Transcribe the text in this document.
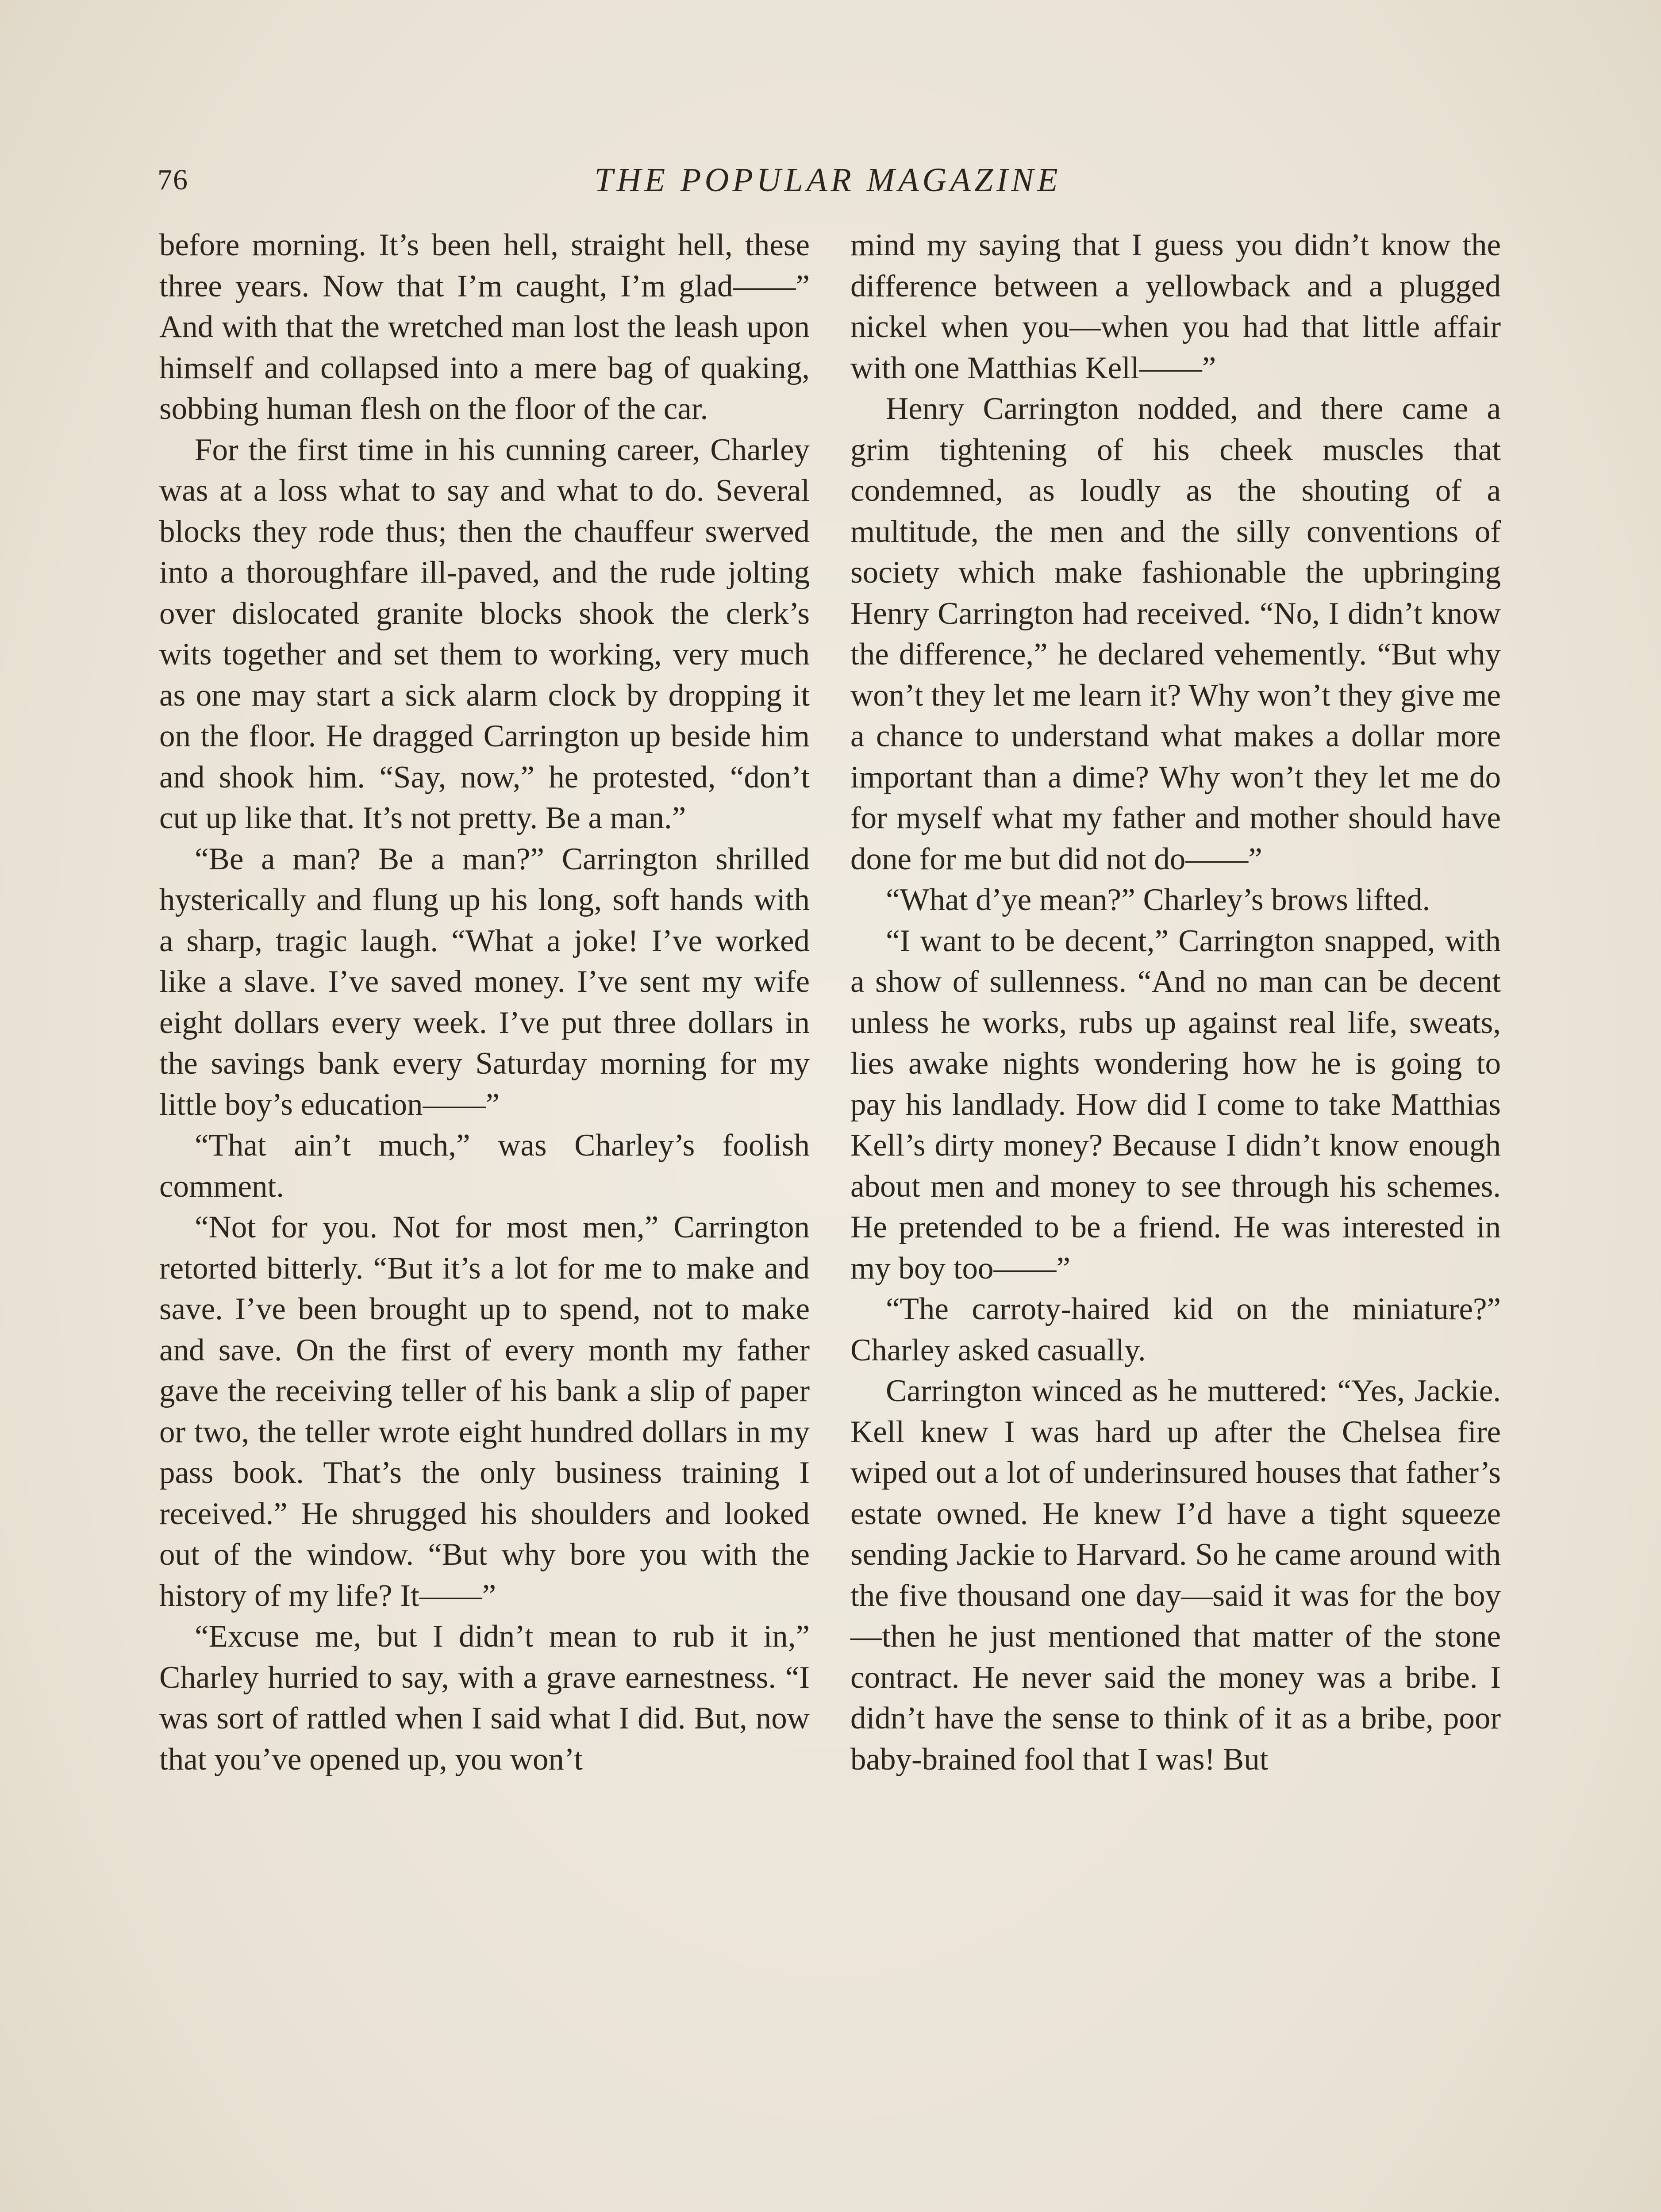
76	THE POPULAR MAGAZINE

before morning. It’s been hell, straight hell, these three years. Now that I’m caught, I’m glad——” And with that the wretched man lost the leash upon himself and collapsed into a mere bag of quaking, sobbing human flesh on the floor of the car.

For the first time in his cunning career, Charley was at a loss what to say and what to do. Several blocks they rode thus; then the chauffeur swerved into a thoroughfare ill-paved, and the rude jolting over dislocated granite blocks shook the clerk’s wits together and set them to working, very much as one may start a sick alarm clock by dropping it on the floor. He dragged Carrington up beside him and shook him. “Say, now,” he protested, “don’t cut up like that. It’s not pretty. Be a man.”

“Be a man? Be a man?” Carrington shrilled hysterically and flung up his long, soft hands with a sharp, tragic laugh. “What a joke! I’ve worked like a slave. I’ve saved money. I’ve sent my wife eight dollars every week. I’ve put three dollars in the savings bank every Saturday morning for my little boy’s education——”

“That ain’t much,” was Charley’s foolish comment.

“Not for you. Not for most men,” Carrington retorted bitterly. “But it’s a lot for me to make and save. I’ve been brought up to spend, not to make and save. On the first of every month my father gave the receiving teller of his bank a slip of paper or two, the teller wrote eight hundred dollars in my pass book. That’s the only business training I received.” He shrugged his shoulders and looked out of the window. “But why bore you with the history of my life? It——”

“Excuse me, but I didn’t mean to rub it in,” Charley hurried to say, with a grave earnestness. “I was sort of rattled when I said what I did. But, now that you’ve opened up, you won’t

mind my saying that I guess you didn’t know the difference between a yellowback and a plugged nickel when you—when you had that little affair with one Matthias Kell——”

Henry Carrington nodded, and there came a grim tightening of his cheek muscles that condemned, as loudly as the shouting of a multitude, the men and the silly conventions of society which make fashionable the upbringing Henry Carrington had received. “No, I didn’t know the difference,” he declared vehemently. “But why won’t they let me learn it? Why won’t they give me a chance to understand what makes a dollar more important than a dime? Why won’t they let me do for myself what my father and mother should have done for me but did not do——”

“What d’ye mean?” Charley’s brows lifted.

“I want to be decent,” Carrington snapped, with a show of sullenness. “And no man can be decent unless he works, rubs up against real life, sweats, lies awake nights wondering how he is going to pay his landlady. How did I come to take Matthias Kell’s dirty money? Because I didn’t know enough about men and money to see through his schemes. He pretended to be a friend. He was interested in my boy too——”

“The carroty-haired kid on the miniature?” Charley asked casually.

Carrington winced as he muttered: “Yes, Jackie. Kell knew I was hard up after the Chelsea fire wiped out a lot of underinsured houses that father’s estate owned. He knew I’d have a tight squeeze sending Jackie to Harvard. So he came around with the five thousand one day—said it was for the boy—then he just mentioned that matter of the stone contract. He never said the money was a bribe. I didn’t have the sense to think of it as a bribe, poor baby-brained fool that I was! But
